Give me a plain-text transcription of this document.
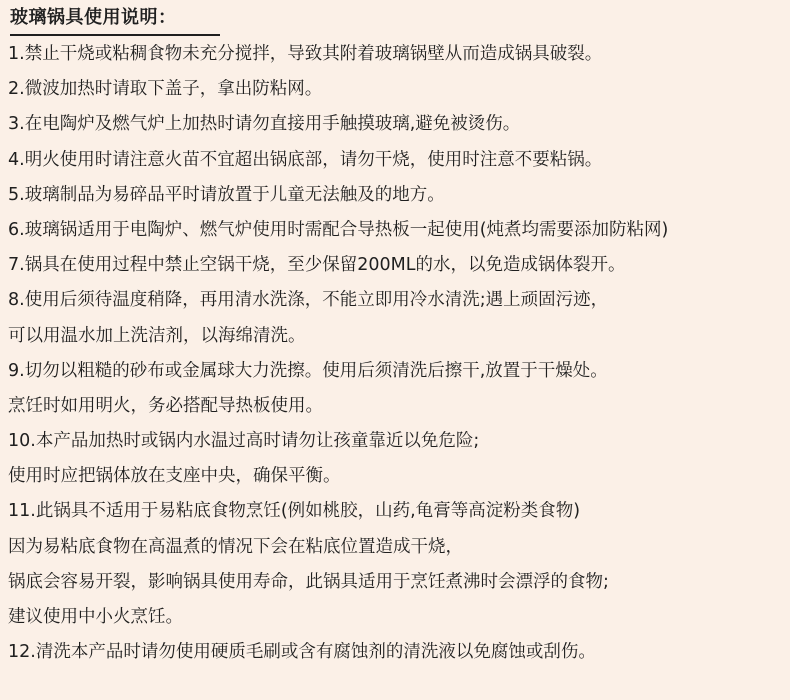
玻璃锅具使用说明：
1.禁止干烧或粘稠食物未充分搅拌，导致其附着玻璃锅壁从而造成锅具破裂。
2.微波加热时请取下盖子，拿出防粘网。
3.在电陶炉及燃气炉上加热时请勿直接用手触摸玻璃,避免被烫伤。
4.明火使用时请注意火苗不宜超出锅底部，请勿干烧，使用时注意不要粘锅。
5.玻璃制品为易碎品平时请放置于儿童无法触及的地方。
6.玻璃锅适用于电陶炉、燃气炉使用时需配合导热板一起使用(炖煮均需要添加防粘网)
7.锅具在使用过程中禁止空锅干烧，至少保留200ML的水，以免造成锅体裂开。
8.使用后须待温度稍降，再用清水洗涤，不能立即用冷水清洗;遇上顽固污迹，
可以用温水加上洗洁剂，以海绵清洗。
9.切勿以粗糙的砂布或金属球大力洗擦。使用后须清洗后擦干,放置于干燥处。
烹饪时如用明火，务必搭配导热板使用。
10.本产品加热时或锅内水温过高时请勿让孩童靠近以免危险;
使用时应把锅体放在支座中央，确保平衡。
11.此锅具不适用于易粘底食物烹饪(例如桃胶，山药,龟膏等高淀粉类食物)
因为易粘底食物在高温煮的情况下会在粘底位置造成干烧，
锅底会容易开裂，影响锅具使用寿命，此锅具适用于烹饪煮沸时会漂浮的食物;
建议使用中小火烹饪。
12.清洗本产品时请勿使用硬质毛刷或含有腐蚀剂的清洗液以免腐蚀或刮伤。
